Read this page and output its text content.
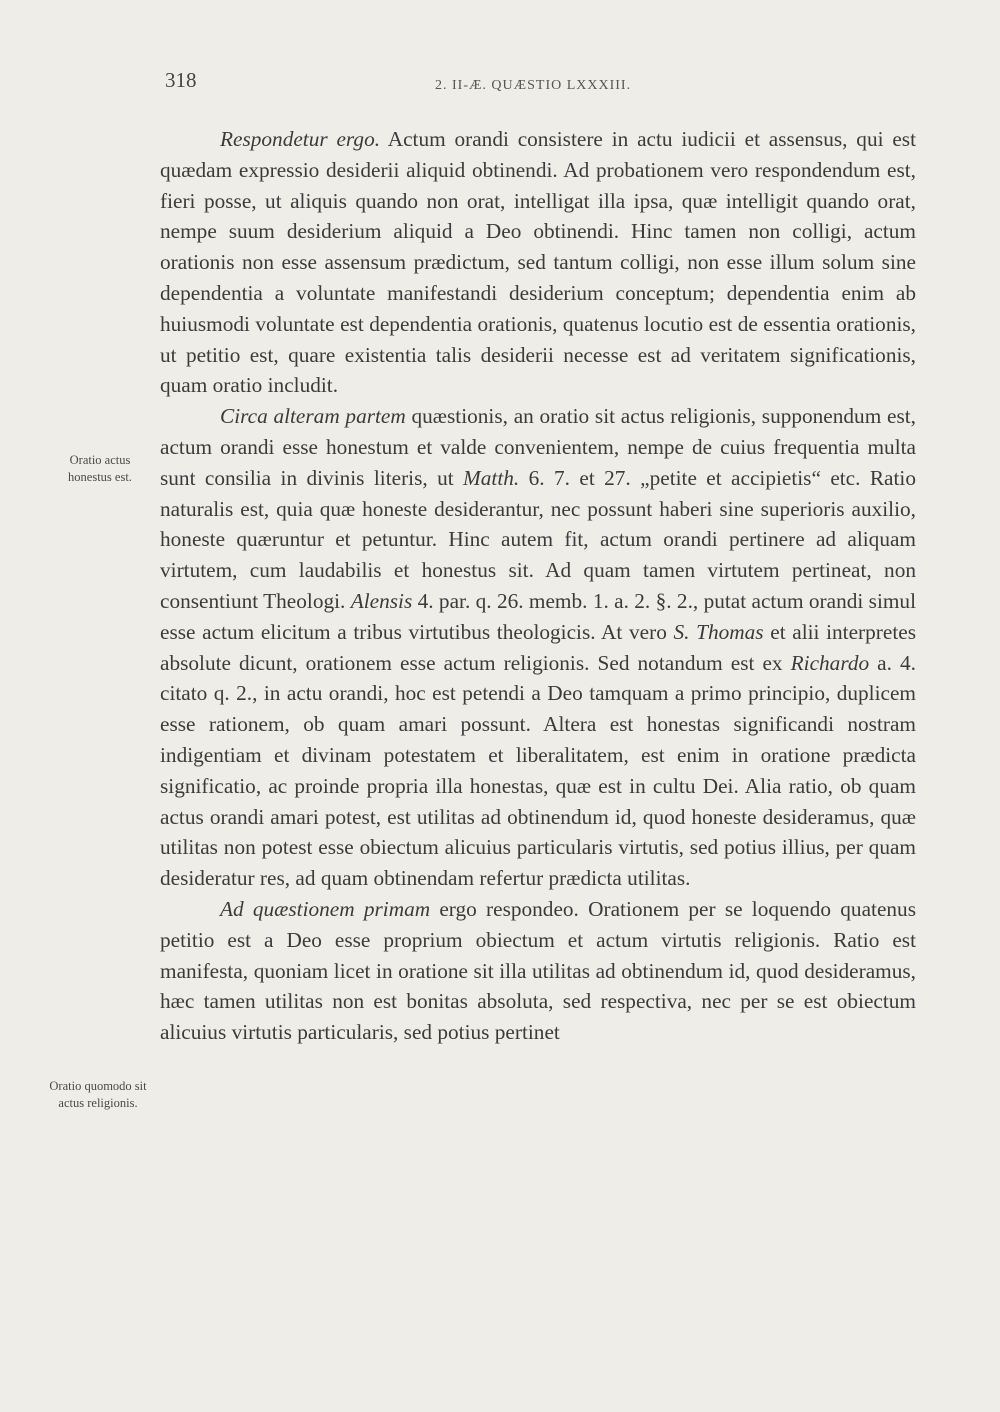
318	2. II-Æ. QUÆSTIO LXXXIII.
Oratio actus honestus est.
Oratio quomodo sit actus religionis.

Respondetur ergo. Actum orandi consistere in actu iudicii et assensus, qui est quædam expressio desiderii aliquid obtinendi. Ad probationem vero respondendum est, fieri posse, ut aliquis quando non orat, intelligat illa ipsa, quæ intelligit quando orat, nempe suum desiderium aliquid a Deo obtinendi. Hinc tamen non colligi, actum orationis non esse assensum prædictum, sed tantum colligi, non esse illum solum sine dependentia a voluntate manifestandi desiderium conceptum; dependentia enim ab huiusmodi voluntate est dependentia orationis, quatenus locutio est de essentia orationis, ut petitio est, quare existentia talis desiderii necesse est ad veritatem significationis, quam oratio includit.

Circa alteram partem quæstionis, an oratio sit actus religionis, supponendum est, actum orandi esse honestum et valde convenientem, nempe de cuius frequentia multa sunt consilia in divinis literis, ut Matth. 6. 7. et 27. „petite et accipietis“ etc. Ratio naturalis est, quia quæ honeste desiderantur, nec possunt haberi sine superioris auxilio, honeste quæruntur et petuntur. Hinc autem fit, actum orandi pertinere ad aliquam virtutem, cum laudabilis et honestus sit. Ad quam tamen virtutem pertineat, non consentiunt Theologi. Alensis 4. par. q. 26. memb. 1. a. 2. §. 2., putat actum orandi simul esse actum elicitum a tribus virtutibus theologicis. At vero S. Thomas et alii interpretes absolute dicunt, orationem esse actum religionis. Sed notandum est ex Richardo a. 4. citato q. 2., in actu orandi, hoc est petendi a Deo tamquam a primo principio, duplicem esse rationem, ob quam amari possunt. Altera est honestas significandi nostram indigentiam et divinam potestatem et liberalitatem, est enim in oratione prædicta significatio, ac proinde propria illa honestas, quæ est in cultu Dei. Alia ratio, ob quam actus orandi amari potest, est utilitas ad obtinendum id, quod honeste desideramus, quæ utilitas non potest esse obiectum alicuius particularis virtutis, sed potius illius, per quam desideratur res, ad quam obtinendam refertur prædicta utilitas.

Ad quæstionem primam ergo respondeo. Orationem per se loquendo quatenus petitio est a Deo esse proprium obiectum et actum virtutis religionis. Ratio est manifesta, quoniam licet in oratione sit illa utilitas ad obtinendum id, quod desideramus, hæc tamen utilitas non est bonitas absoluta, sed respectiva, nec per se est obiectum alicuius virtutis particularis, sed potius pertinet
